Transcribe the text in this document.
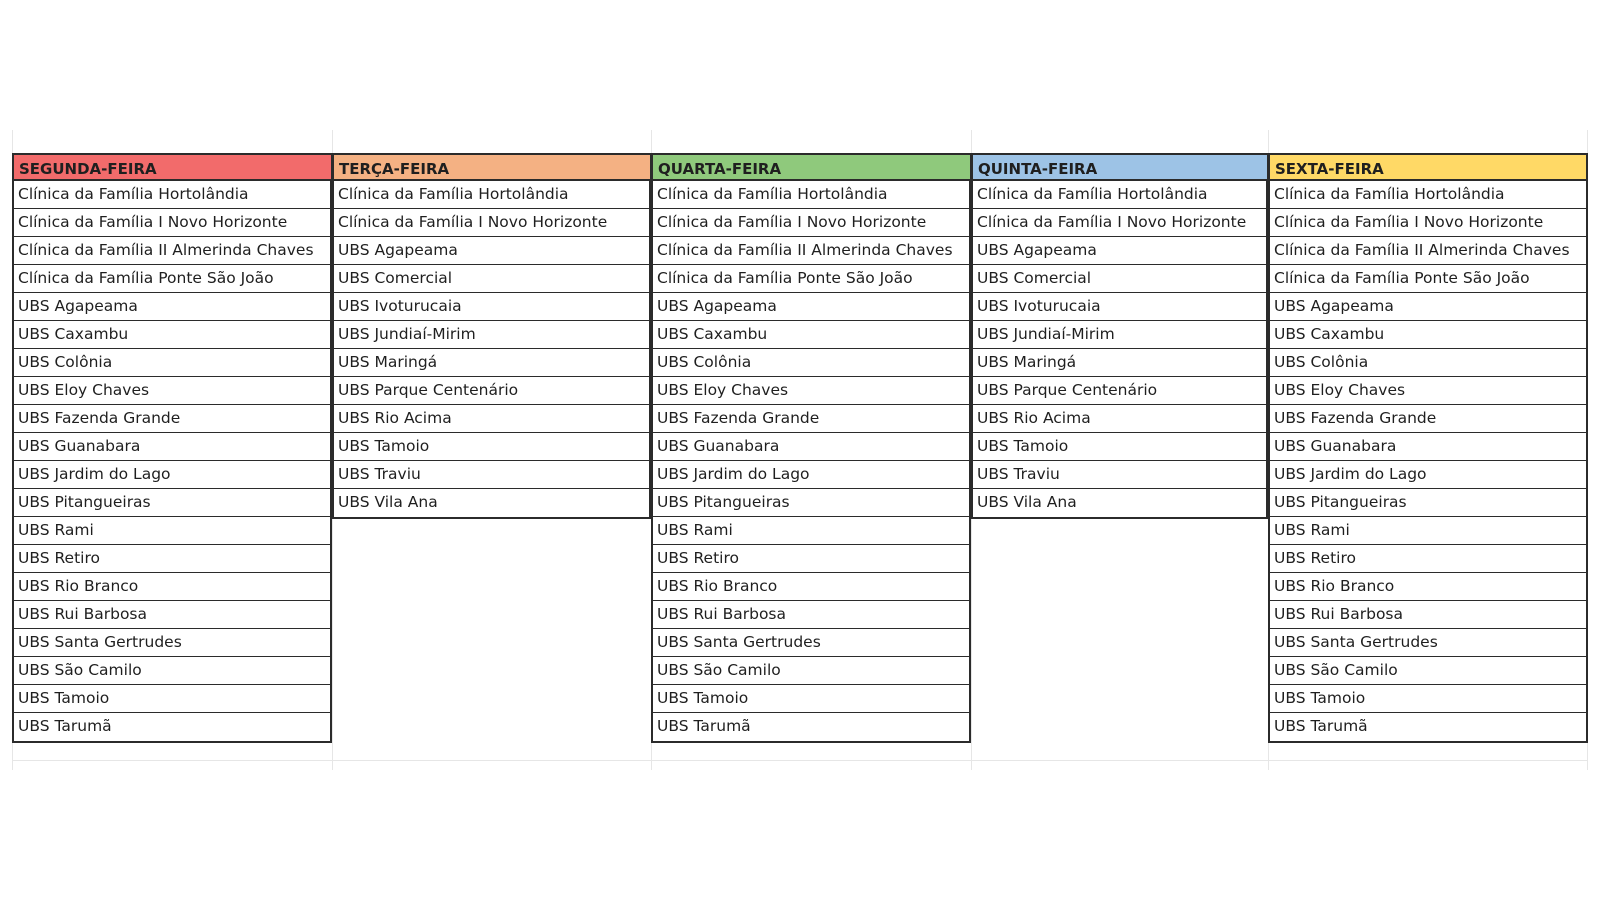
SEGUNDA-FEIRA
Clínica da Família Hortolândia
Clínica da Família I Novo Horizonte
Clínica da Família II Almerinda Chaves
Clínica da Família Ponte São João
UBS Agapeama
UBS Caxambu
UBS Colônia
UBS Eloy Chaves
UBS Fazenda Grande
UBS Guanabara
UBS Jardim do Lago
UBS Pitangueiras
UBS Rami
UBS Retiro
UBS Rio Branco
UBS Rui Barbosa
UBS Santa Gertrudes
UBS São Camilo
UBS Tamoio
UBS Tarumã
TERÇA-FEIRA
Clínica da Família Hortolândia
Clínica da Família I Novo Horizonte
UBS Agapeama
UBS Comercial
UBS Ivoturucaia
UBS Jundiaí-Mirim
UBS Maringá
UBS Parque Centenário
UBS Rio Acima
UBS Tamoio
UBS Traviu
UBS Vila Ana
QUARTA-FEIRA
Clínica da Família Hortolândia
Clínica da Família I Novo Horizonte
Clínica da Família II Almerinda Chaves
Clínica da Família Ponte São João
UBS Agapeama
UBS Caxambu
UBS Colônia
UBS Eloy Chaves
UBS Fazenda Grande
UBS Guanabara
UBS Jardim do Lago
UBS Pitangueiras
UBS Rami
UBS Retiro
UBS Rio Branco
UBS Rui Barbosa
UBS Santa Gertrudes
UBS São Camilo
UBS Tamoio
UBS Tarumã
QUINTA-FEIRA
Clínica da Família Hortolândia
Clínica da Família I Novo Horizonte
UBS Agapeama
UBS Comercial
UBS Ivoturucaia
UBS Jundiaí-Mirim
UBS Maringá
UBS Parque Centenário
UBS Rio Acima
UBS Tamoio
UBS Traviu
UBS Vila Ana
SEXTA-FEIRA
Clínica da Família Hortolândia
Clínica da Família I Novo Horizonte
Clínica da Família II Almerinda Chaves
Clínica da Família Ponte São João
UBS Agapeama
UBS Caxambu
UBS Colônia
UBS Eloy Chaves
UBS Fazenda Grande
UBS Guanabara
UBS Jardim do Lago
UBS Pitangueiras
UBS Rami
UBS Retiro
UBS Rio Branco
UBS Rui Barbosa
UBS Santa Gertrudes
UBS São Camilo
UBS Tamoio
UBS Tarumã
